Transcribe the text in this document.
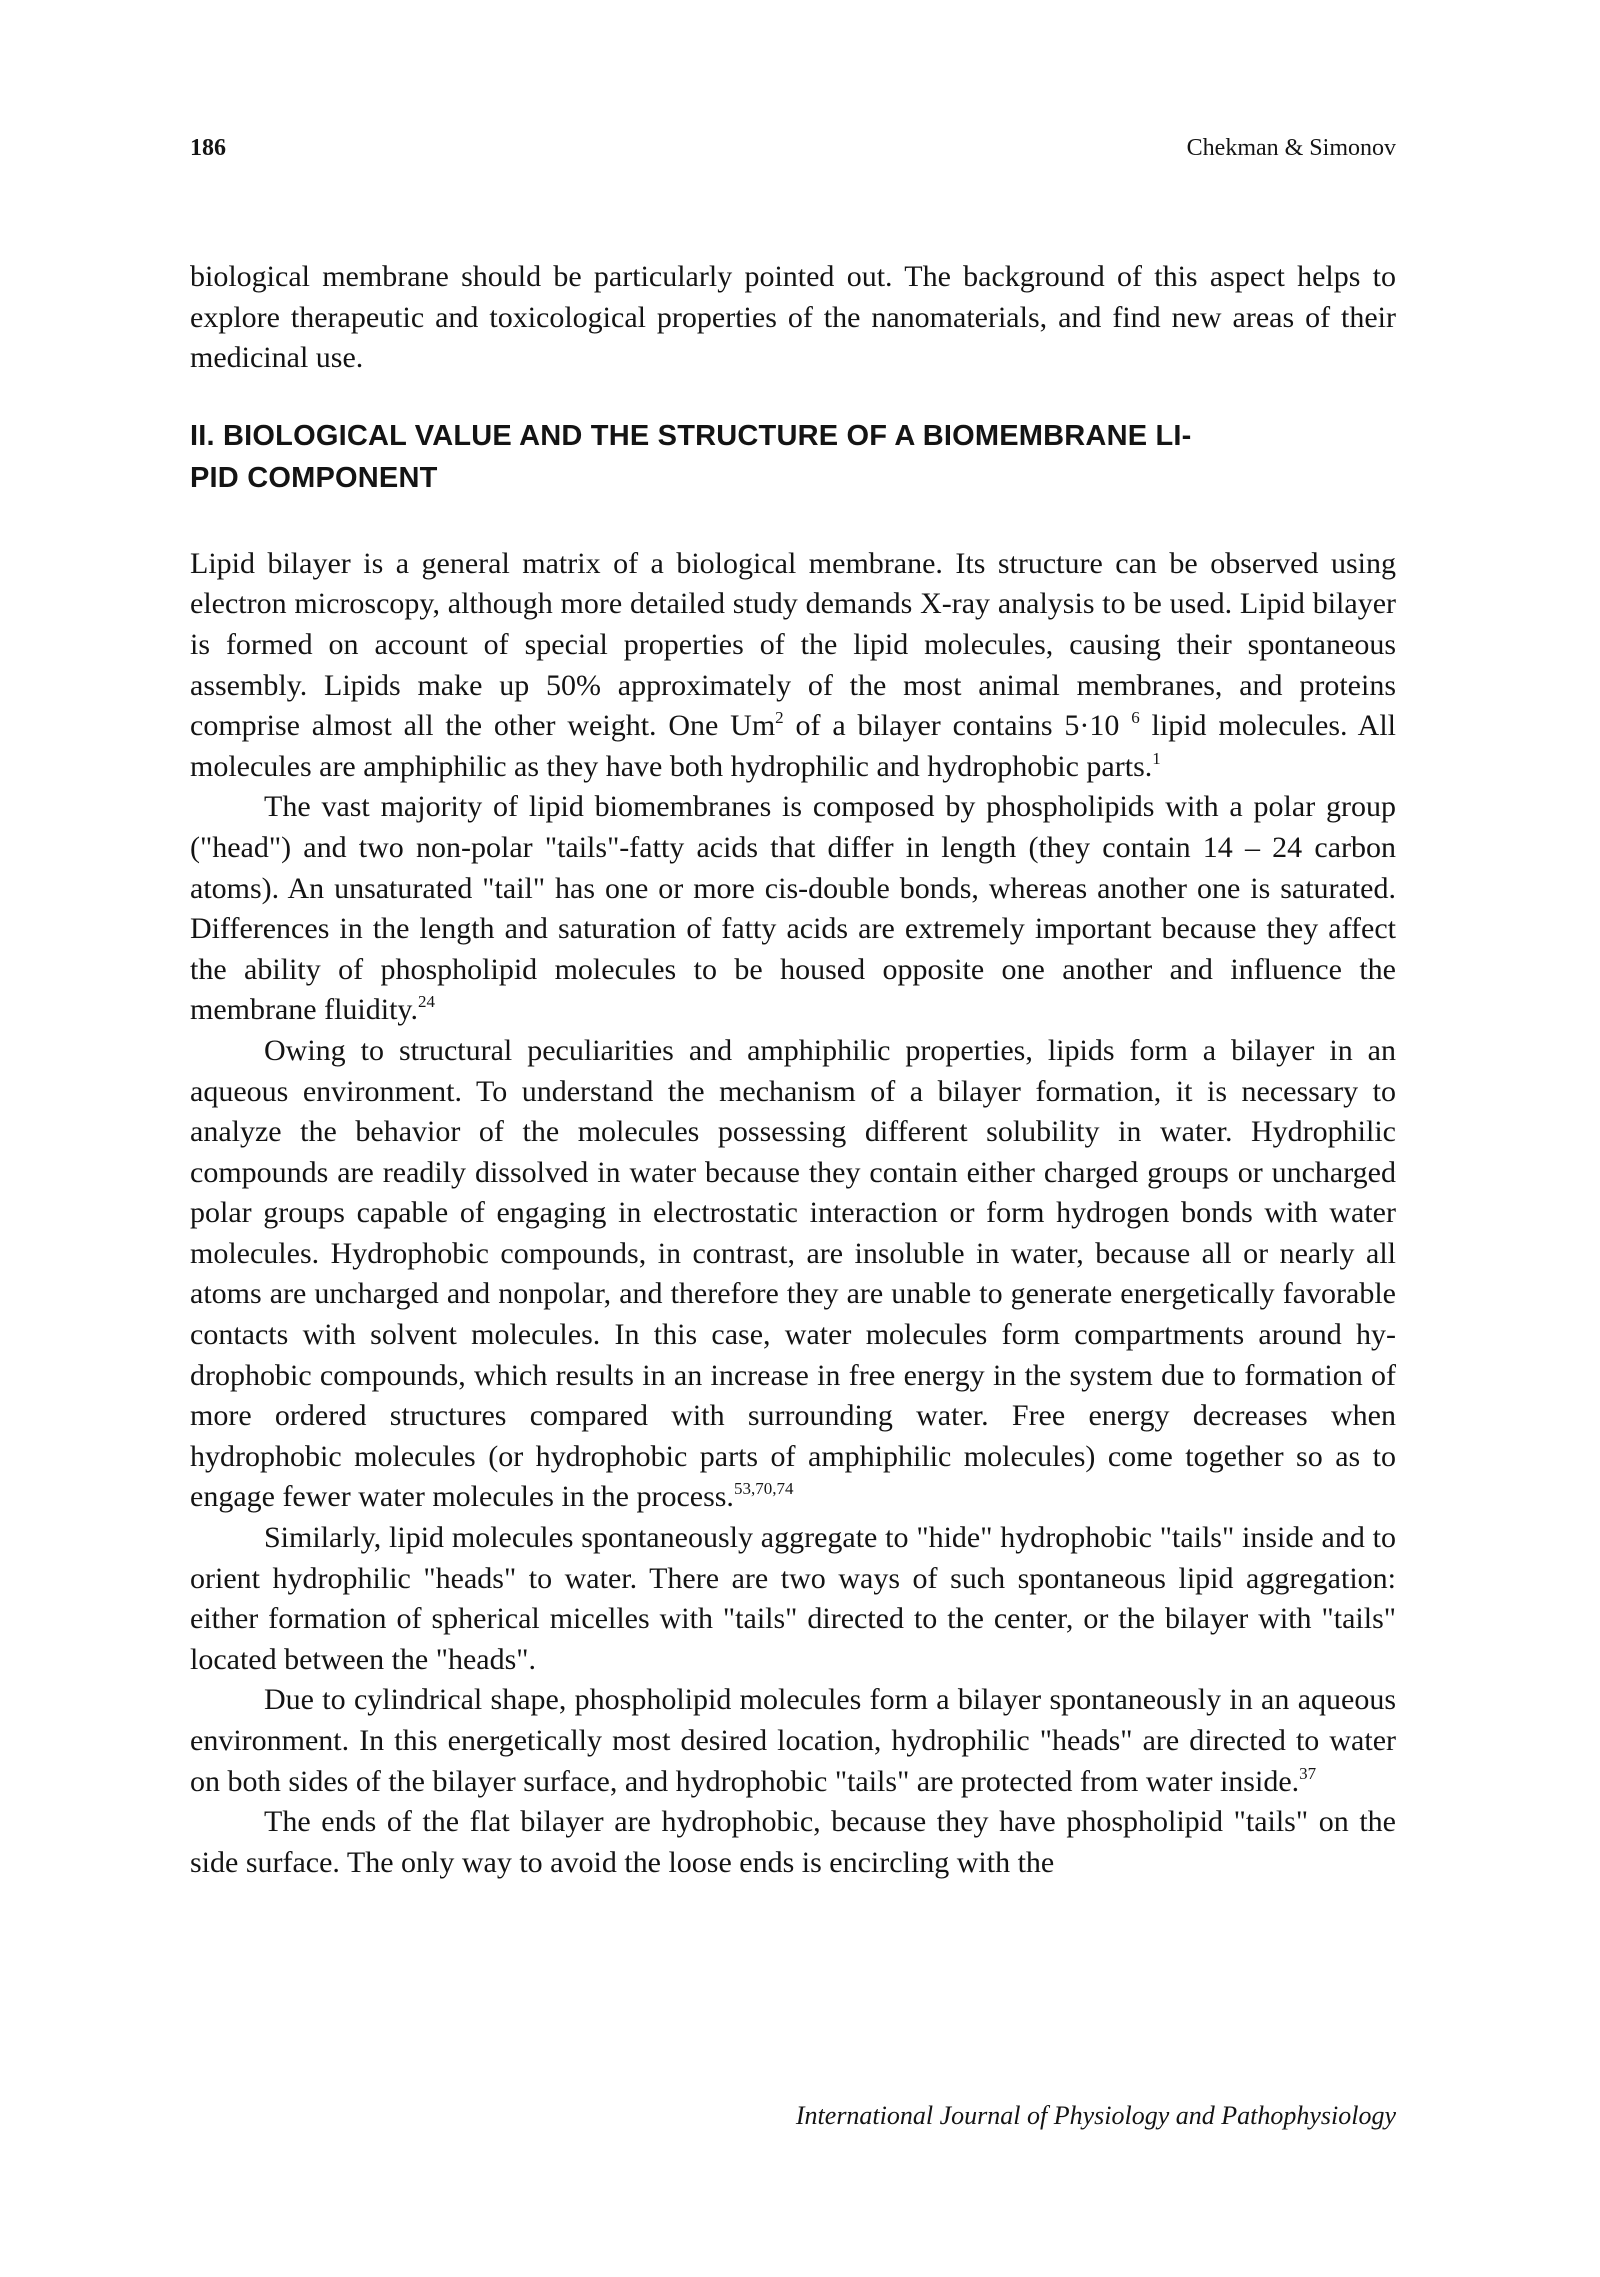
186	Chekman & Simonov

biological membrane should be particularly pointed out. The background of this aspect helps to explore therapeutic and toxicological properties of the nanomaterials, and find new areas of their medicinal use.

II. BIOLOGICAL VALUE AND THE STRUCTURE OF A BIOMEMBRANE LI-
PID COMPONENT

Lipid bilayer is a general matrix of a biological membrane. Its structure can be observed using electron microscopy, although more detailed study demands X-ray analysis to be used. Lipid bilayer is formed on account of special properties of the lipid molecules, causing their spontaneous assembly. Lipids make up 50% approximately of the most animal membranes, and proteins comprise almost all the other weight. One Um$^2$ of a bilayer contains 5·10 $^6$ lipid molecules. All molecules are amphiphilic as they have both hydrophilic and hydrophobic parts.$^1$

The vast majority of lipid biomembranes is composed by phospholipids with a polar group ("head") and two non-polar "tails"-fatty acids that differ in length (they contain 14 – 24 carbon atoms). An unsaturated "tail" has one or more cis-double bonds, whereas another one is saturated. Differences in the length and saturation of fatty acids are extremely important because they affect the ability of phospholipid molecules to be housed opposite one another and influence the membrane fluidity.$^{24}$

Owing to structural peculiarities and amphiphilic properties, lipids form a bilayer in an aqueous environment. To understand the mechanism of a bilayer formation, it is necessary to analyze the behavior of the molecules possessing different solubility in water. Hydrophilic compounds are readily dissolved in water because they contain either charged groups or uncharged polar groups capable of engaging in electrostatic interaction or form hydrogen bonds with water molecules. Hydrophobic compounds, in contrast, are insoluble in water, because all or nearly all atoms are uncharged and nonpolar, and therefore they are unable to generate energetically favorable contacts with solvent molecules. In this case, water molecules form compartments around hydrophobic compounds, which results in an increase in free energy in the system due to formation of more ordered structures compared with surrounding water. Free energy decreases when hydrophobic molecules (or hydrophobic parts of amphiphilic molecules) come together so as to engage fewer water molecules in the process.$^{53,70,74}$

Similarly, lipid molecules spontaneously aggregate to "hide" hydrophobic "tails" inside and to orient hydrophilic "heads" to water. There are two ways of such spontaneous lipid aggregation: either formation of spherical micelles with "tails" directed to the center, or the bilayer with "tails" located between the "heads".

Due to cylindrical shape, phospholipid molecules form a bilayer spontaneously in an aqueous environment. In this energetically most desired location, hydrophilic "heads" are directed to water on both sides of the bilayer surface, and hydrophobic "tails" are protected from water inside.$^{37}$

The ends of the flat bilayer are hydrophobic, because they have phospholipid "tails" on the side surface. The only way to avoid the loose ends is encircling with the

International Journal of Physiology and Pathophysiology
